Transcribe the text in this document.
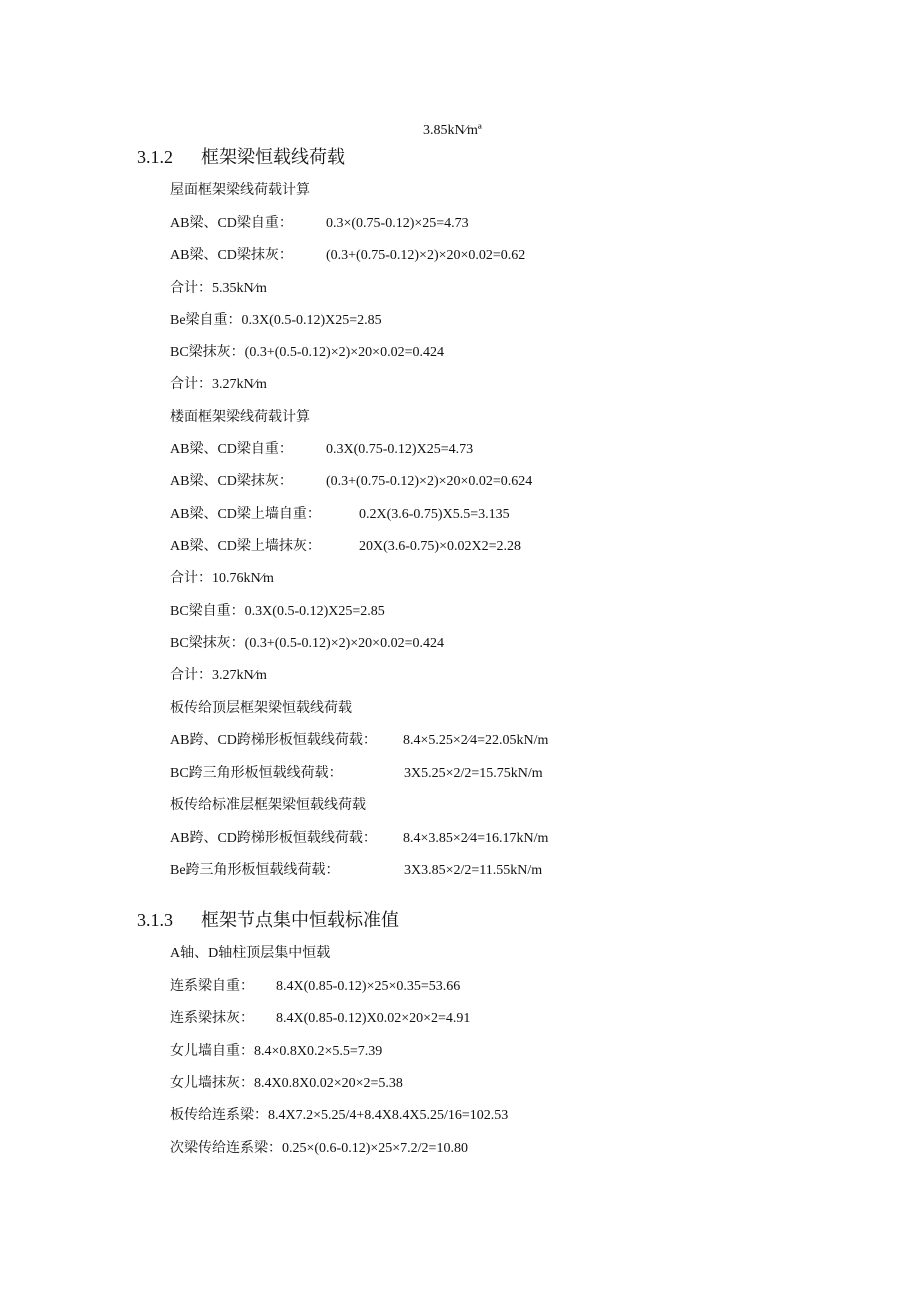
3.85kN⁄mª
3.1.2 框架梁恒载线荷载
屋面框架梁线荷载计算
AB梁、CD梁自重： 0.3×(0.75-0.12)×25=4.73
AB梁、CD梁抹灰： (0.3+(0.75-0.12)×2)×20×0.02=0.62
合计：5.35kN⁄m
Be梁自重：0.3X(0.5-0.12)X25=2.85
BC梁抹灰：(0.3+(0.5-0.12)×2)×20×0.02=0.424
合计：3.27kN⁄m
楼面框架梁线荷载计算
AB梁、CD梁自重： 0.3X(0.75-0.12)X25=4.73
AB梁、CD梁抹灰： (0.3+(0.75-0.12)×2)×20×0.02=0.624
AB梁、CD梁上墙自重：	0.2X(3.6-0.75)X5.5=3.135
AB梁、CD梁上墙抹灰：	20X(3.6-0.75)×0.02X2=2.28
合计：10.76kN⁄m
BC梁自重：0.3X(0.5-0.12)X25=2.85
BC梁抹灰：(0.3+(0.5-0.12)×2)×20×0.02=0.424
合计：3.27kN⁄m
板传给顶层框架梁恒载线荷载
AB跨、CD跨梯形板恒载线荷载： 8.4×5.25×2⁄4=22.05kN/m
BC跨三角形板恒载线荷载：	3X5.25×2/2=15.75kN/m
板传给标准层框架梁恒载线荷载
AB跨、CD跨梯形板恒载线荷载： 8.4×3.85×2⁄4=16.17kN/m
Be跨三角形板恒载线荷载：	3X3.85×2/2=11.55kN/m
3.1.3 框架节点集中恒载标准值
A轴、D轴柱顶层集中恒载
连系梁自重： 8.4X(0.85-0.12)×25×0.35=53.66
连系梁抹灰： 8.4X(0.85-0.12)X0.02×20×2=4.91
女儿墙自重：8.4×0.8X0.2×5.5=7.39
女儿墙抹灰：8.4X0.8X0.02×20×2=5.38
板传给连系梁：8.4X7.2×5.25/4+8.4X8.4X5.25/16=102.53
次梁传给连系梁：0.25×(0.6-0.12)×25×7.2/2=10.80
